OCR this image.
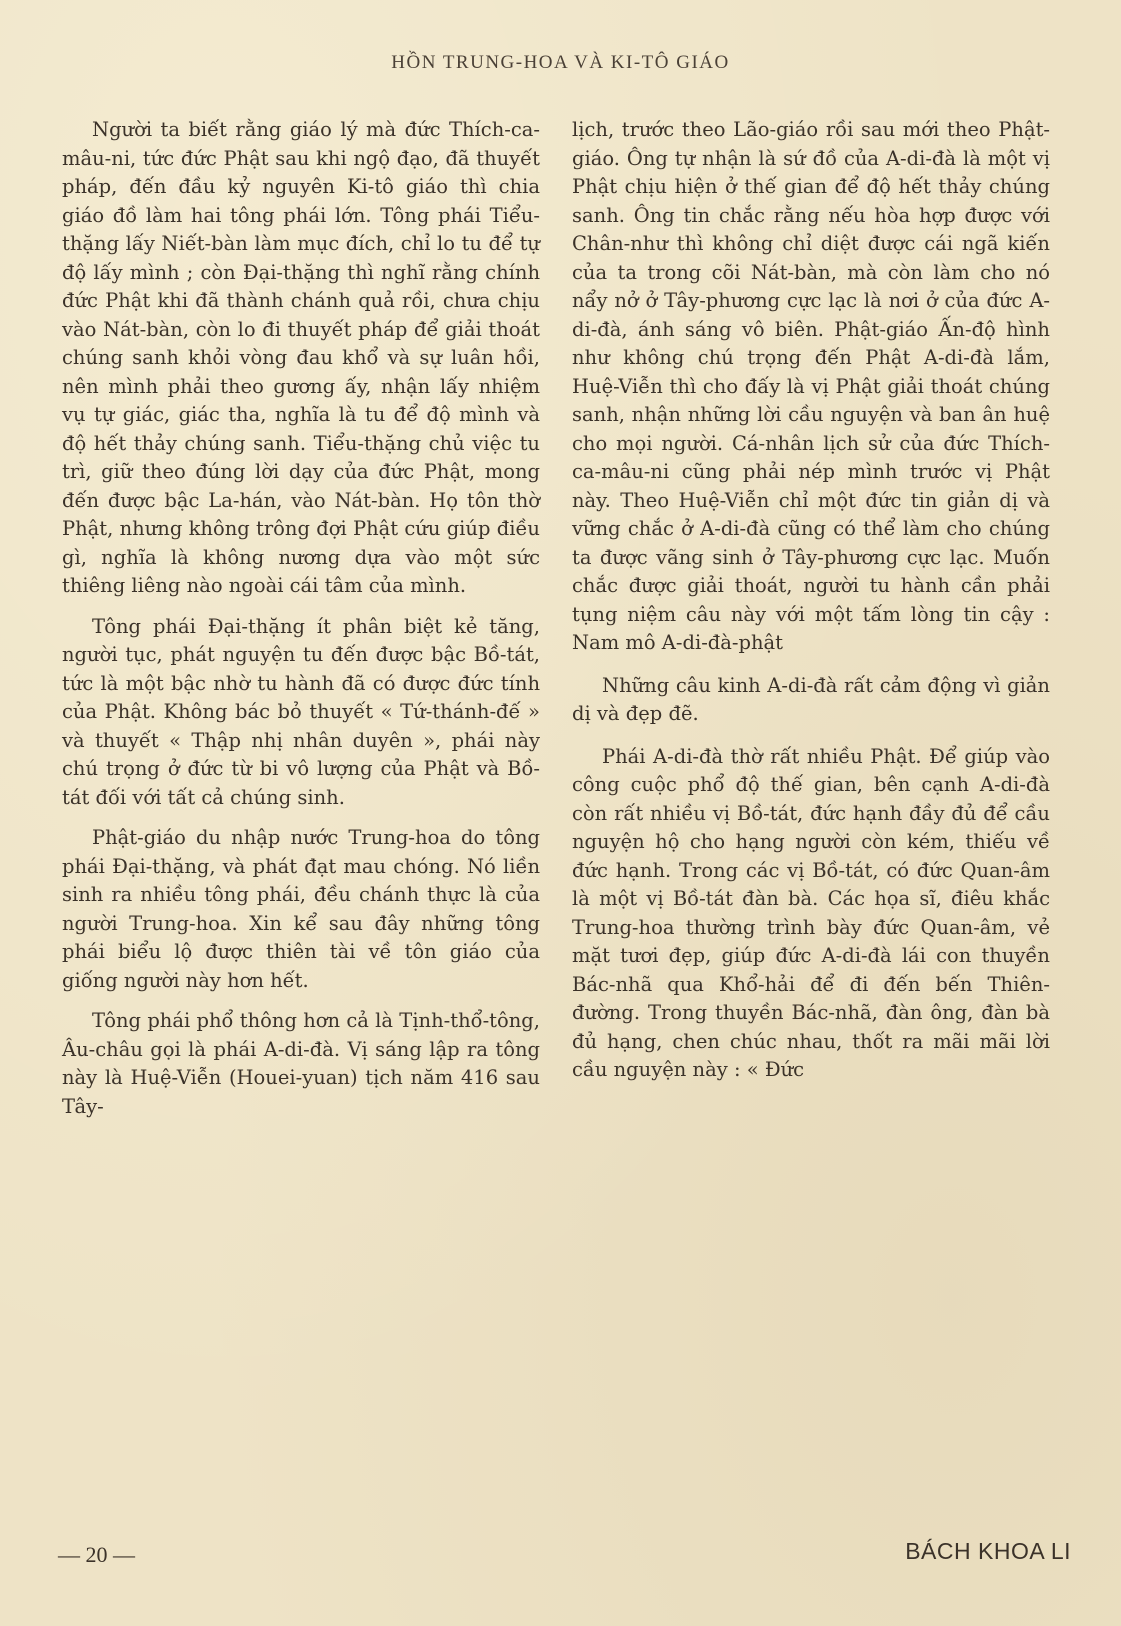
HỒN TRUNG-HOA VÀ KI-TÔ GIÁO

Người ta biết rằng giáo lý mà đức Thích-ca-mâu-ni, tức đức Phật sau khi ngộ đạo, đã thuyết pháp, đến đầu kỷ nguyên Ki-tô giáo thì chia giáo đồ làm hai tông phái lớn. Tông phái Tiểu-thặng lấy Niết-bàn làm mục đích, chỉ lo tu để tự độ lấy mình ; còn Đại-thặng thì nghĩ rằng chính đức Phật khi đã thành chánh quả rồi, chưa chịu vào Nát-bàn, còn lo đi thuyết pháp để giải thoát chúng sanh khỏi vòng đau khổ và sự luân hồi, nên mình phải theo gương ấy, nhận lấy nhiệm vụ tự giác, giác tha, nghĩa là tu để độ mình và độ hết thảy chúng sanh. Tiểu-thặng chủ việc tu trì, giữ theo đúng lời dạy của đức Phật, mong đến được bậc La-hán, vào Nát-bàn. Họ tôn thờ Phật, nhưng không trông đợi Phật cứu giúp điều gì, nghĩa là không nương dựa vào một sức thiêng liêng nào ngoài cái tâm của mình.

Tông phái Đại-thặng ít phân biệt kẻ tăng, người tục, phát nguyện tu đến được bậc Bồ-tát, tức là một bậc nhờ tu hành đã có được đức tính của Phật. Không bác bỏ thuyết « Tứ-thánh-đế » và thuyết « Thập nhị nhân duyên », phái này chú trọng ở đức từ bi vô lượng của Phật và Bồ-tát đối với tất cả chúng sinh.

Phật-giáo du nhập nước Trung-hoa do tông phái Đại-thặng, và phát đạt mau chóng. Nó liền sinh ra nhiều tông phái, đều chánh thực là của người Trung-hoa. Xin kể sau đây những tông phái biểu lộ được thiên tài về tôn giáo của giống người này hơn hết.

Tông phái phổ thông hơn cả là Tịnh-thổ-tông, Âu-châu gọi là phái A-di-đà. Vị sáng lập ra tông này là Huệ-Viễn (Houei-yuan) tịch năm 416 sau Tây-

lịch, trước theo Lão-giáo rồi sau mới theo Phật-giáo. Ông tự nhận là sứ đồ của A-di-đà là một vị Phật chịu hiện ở thế gian để độ hết thảy chúng sanh. Ông tin chắc rằng nếu hòa hợp được với Chân-như thì không chỉ diệt được cái ngã kiến của ta trong cõi Nát-bàn, mà còn làm cho nó nẩy nở ở Tây-phương cực lạc là nơi ở của đức A-di-đà, ánh sáng vô biên. Phật-giáo Ấn-độ hình như không chú trọng đến Phật A-di-đà lắm, Huệ-Viễn thì cho đấy là vị Phật giải thoát chúng sanh, nhận những lời cầu nguyện và ban ân huệ cho mọi người. Cá-nhân lịch sử của đức Thích-ca-mâu-ni cũng phải nép mình trước vị Phật này. Theo Huệ-Viễn chỉ một đức tin giản dị và vững chắc ở A-di-đà cũng có thể làm cho chúng ta được vãng sinh ở Tây-phương cực lạc. Muốn chắc được giải thoát, người tu hành cần phải tụng niệm câu này với một tấm lòng tin cậy : Nam mô A-di-đà-phật

Những câu kinh A-di-đà rất cảm động vì giản dị và đẹp đẽ.

Phái A-di-đà thờ rất nhiều Phật. Để giúp vào công cuộc phổ độ thế gian, bên cạnh A-di-đà còn rất nhiều vị Bồ-tát, đức hạnh đầy đủ để cầu nguyện hộ cho hạng người còn kém, thiếu về đức hạnh. Trong các vị Bồ-tát, có đức Quan-âm là một vị Bồ-tát đàn bà. Các họa sĩ, điêu khắc Trung-hoa thường trình bày đức Quan-âm, vẻ mặt tươi đẹp, giúp đức A-di-đà lái con thuyền Bác-nhã qua Khổ-hải để đi đến bến Thiên-đường. Trong thuyền Bác-nhã, đàn ông, đàn bà đủ hạng, chen chúc nhau, thốt ra mãi mãi lời cầu nguyện này : « Đức

— 20 —	BÁCH KHOA LI
